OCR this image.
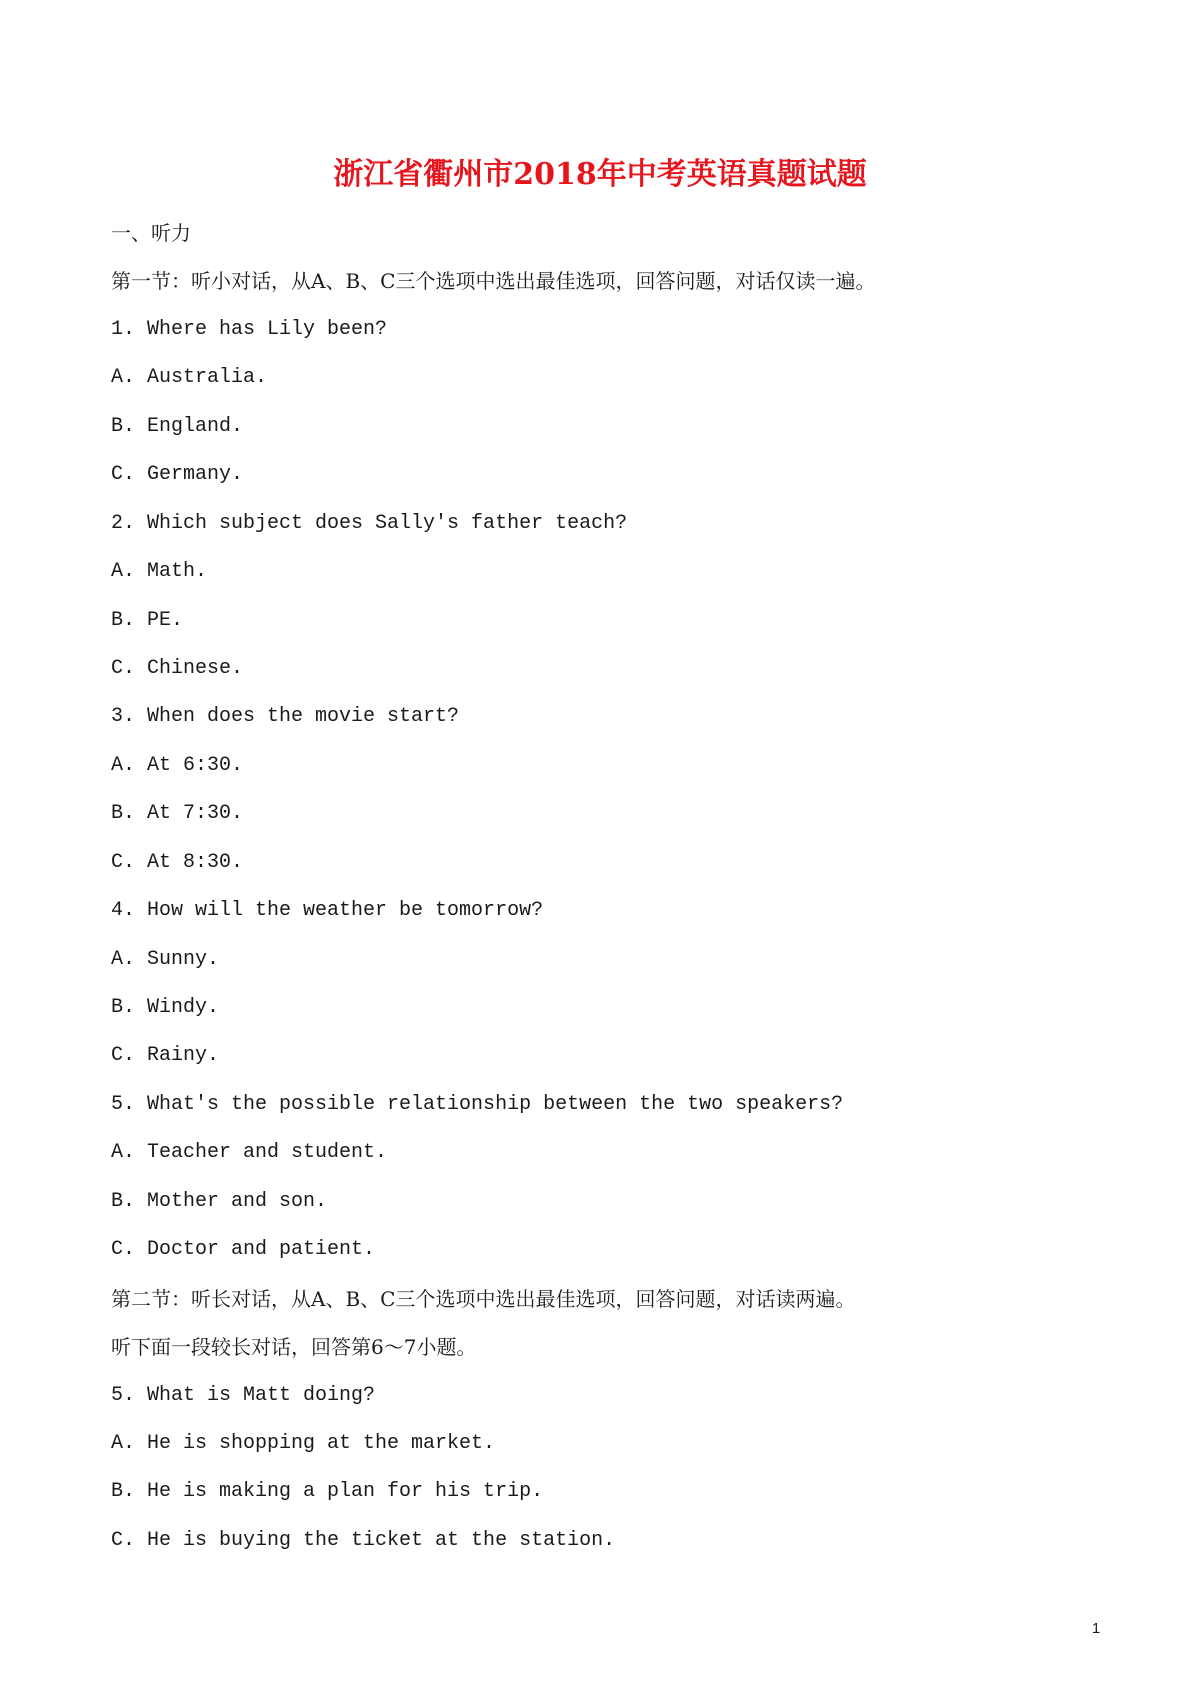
浙江省衢州市2018年中考英语真题试题
一、听力
第一节：听小对话，从A、B、C三个选项中选出最佳选项，回答问题，对话仅读一遍。
1. Where has Lily been?
A. Australia.
B. England.
C. Germany.
2. Which subject does Sally's father teach?
A. Math.
B. PE.
C. Chinese.
3. When does the movie start?
A. At 6:30.
B. At 7:30.
C. At 8:30.
4. How will the weather be tomorrow?
A. Sunny.
B. Windy.
C. Rainy.
5. What's the possible relationship between the two speakers?
A. Teacher and student.
B. Mother and son.
C. Doctor and patient.
第二节：听长对话，从A、B、C三个选项中选出最佳选项，回答问题，对话读两遍。
听下面一段较长对话，回答第6～7小题。
5. What is Matt doing?
A. He is shopping at the market.
B. He is making a plan for his trip.
C. He is buying the ticket at the station.
1
